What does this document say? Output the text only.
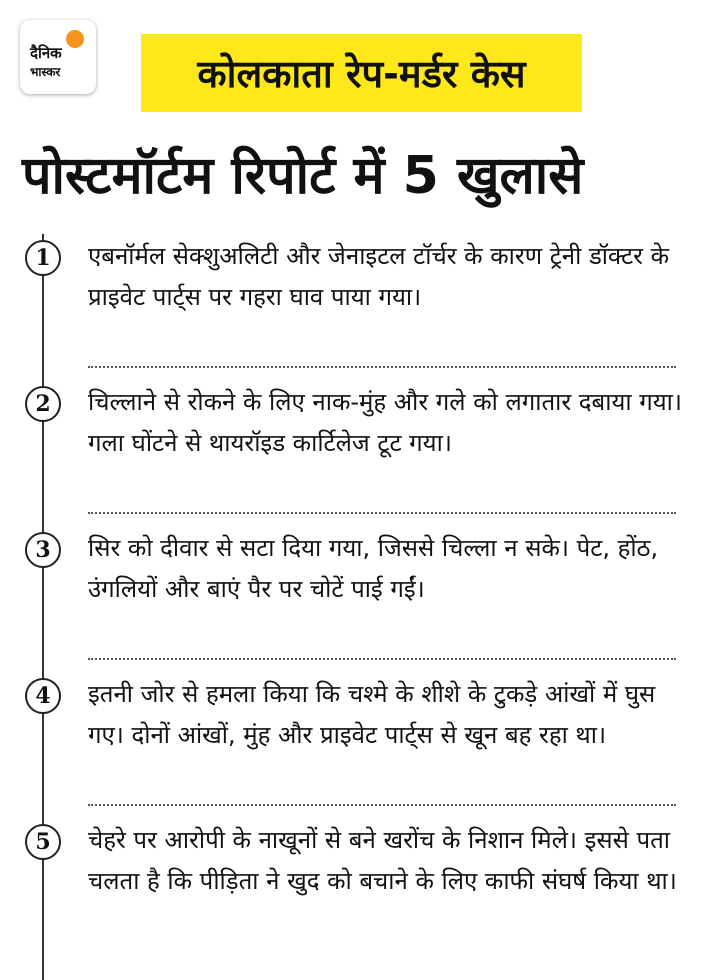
दैनिक
भास्कर	कोलकाता रेप-मर्डर केस
पोस्टमॉर्टम रिपोर्ट में 5 खुलासे
1	एबनॉर्मल सेक्शुअलिटी और जेनाइटल टॉर्चर के कारण ट्रेनी डॉक्टर के प्राइवेट पार्ट्स पर गहरा घाव पाया गया।
2	चिल्लाने से रोकने के लिए नाक-मुंह और गले को लगातार दबाया गया। गला घोंटने से थायरॉइड कार्टिलेज टूट गया।
3	सिर को दीवार से सटा दिया गया, जिससे चिल्ला न सके। पेट, होंठ, उंगलियों और बाएं पैर पर चोटें पाई गईं।
4	इतनी जोर से हमला किया कि चश्मे के शीशे के टुकड़े आंखों में घुस गए। दोनों आंखों, मुंह और प्राइवेट पार्ट्स से खून बह रहा था।
5	चेहरे पर आरोपी के नाखूनों से बने खरोंच के निशान मिले। इससे पता चलता है कि पीड़िता ने खुद को बचाने के लिए काफी संघर्ष किया था।
